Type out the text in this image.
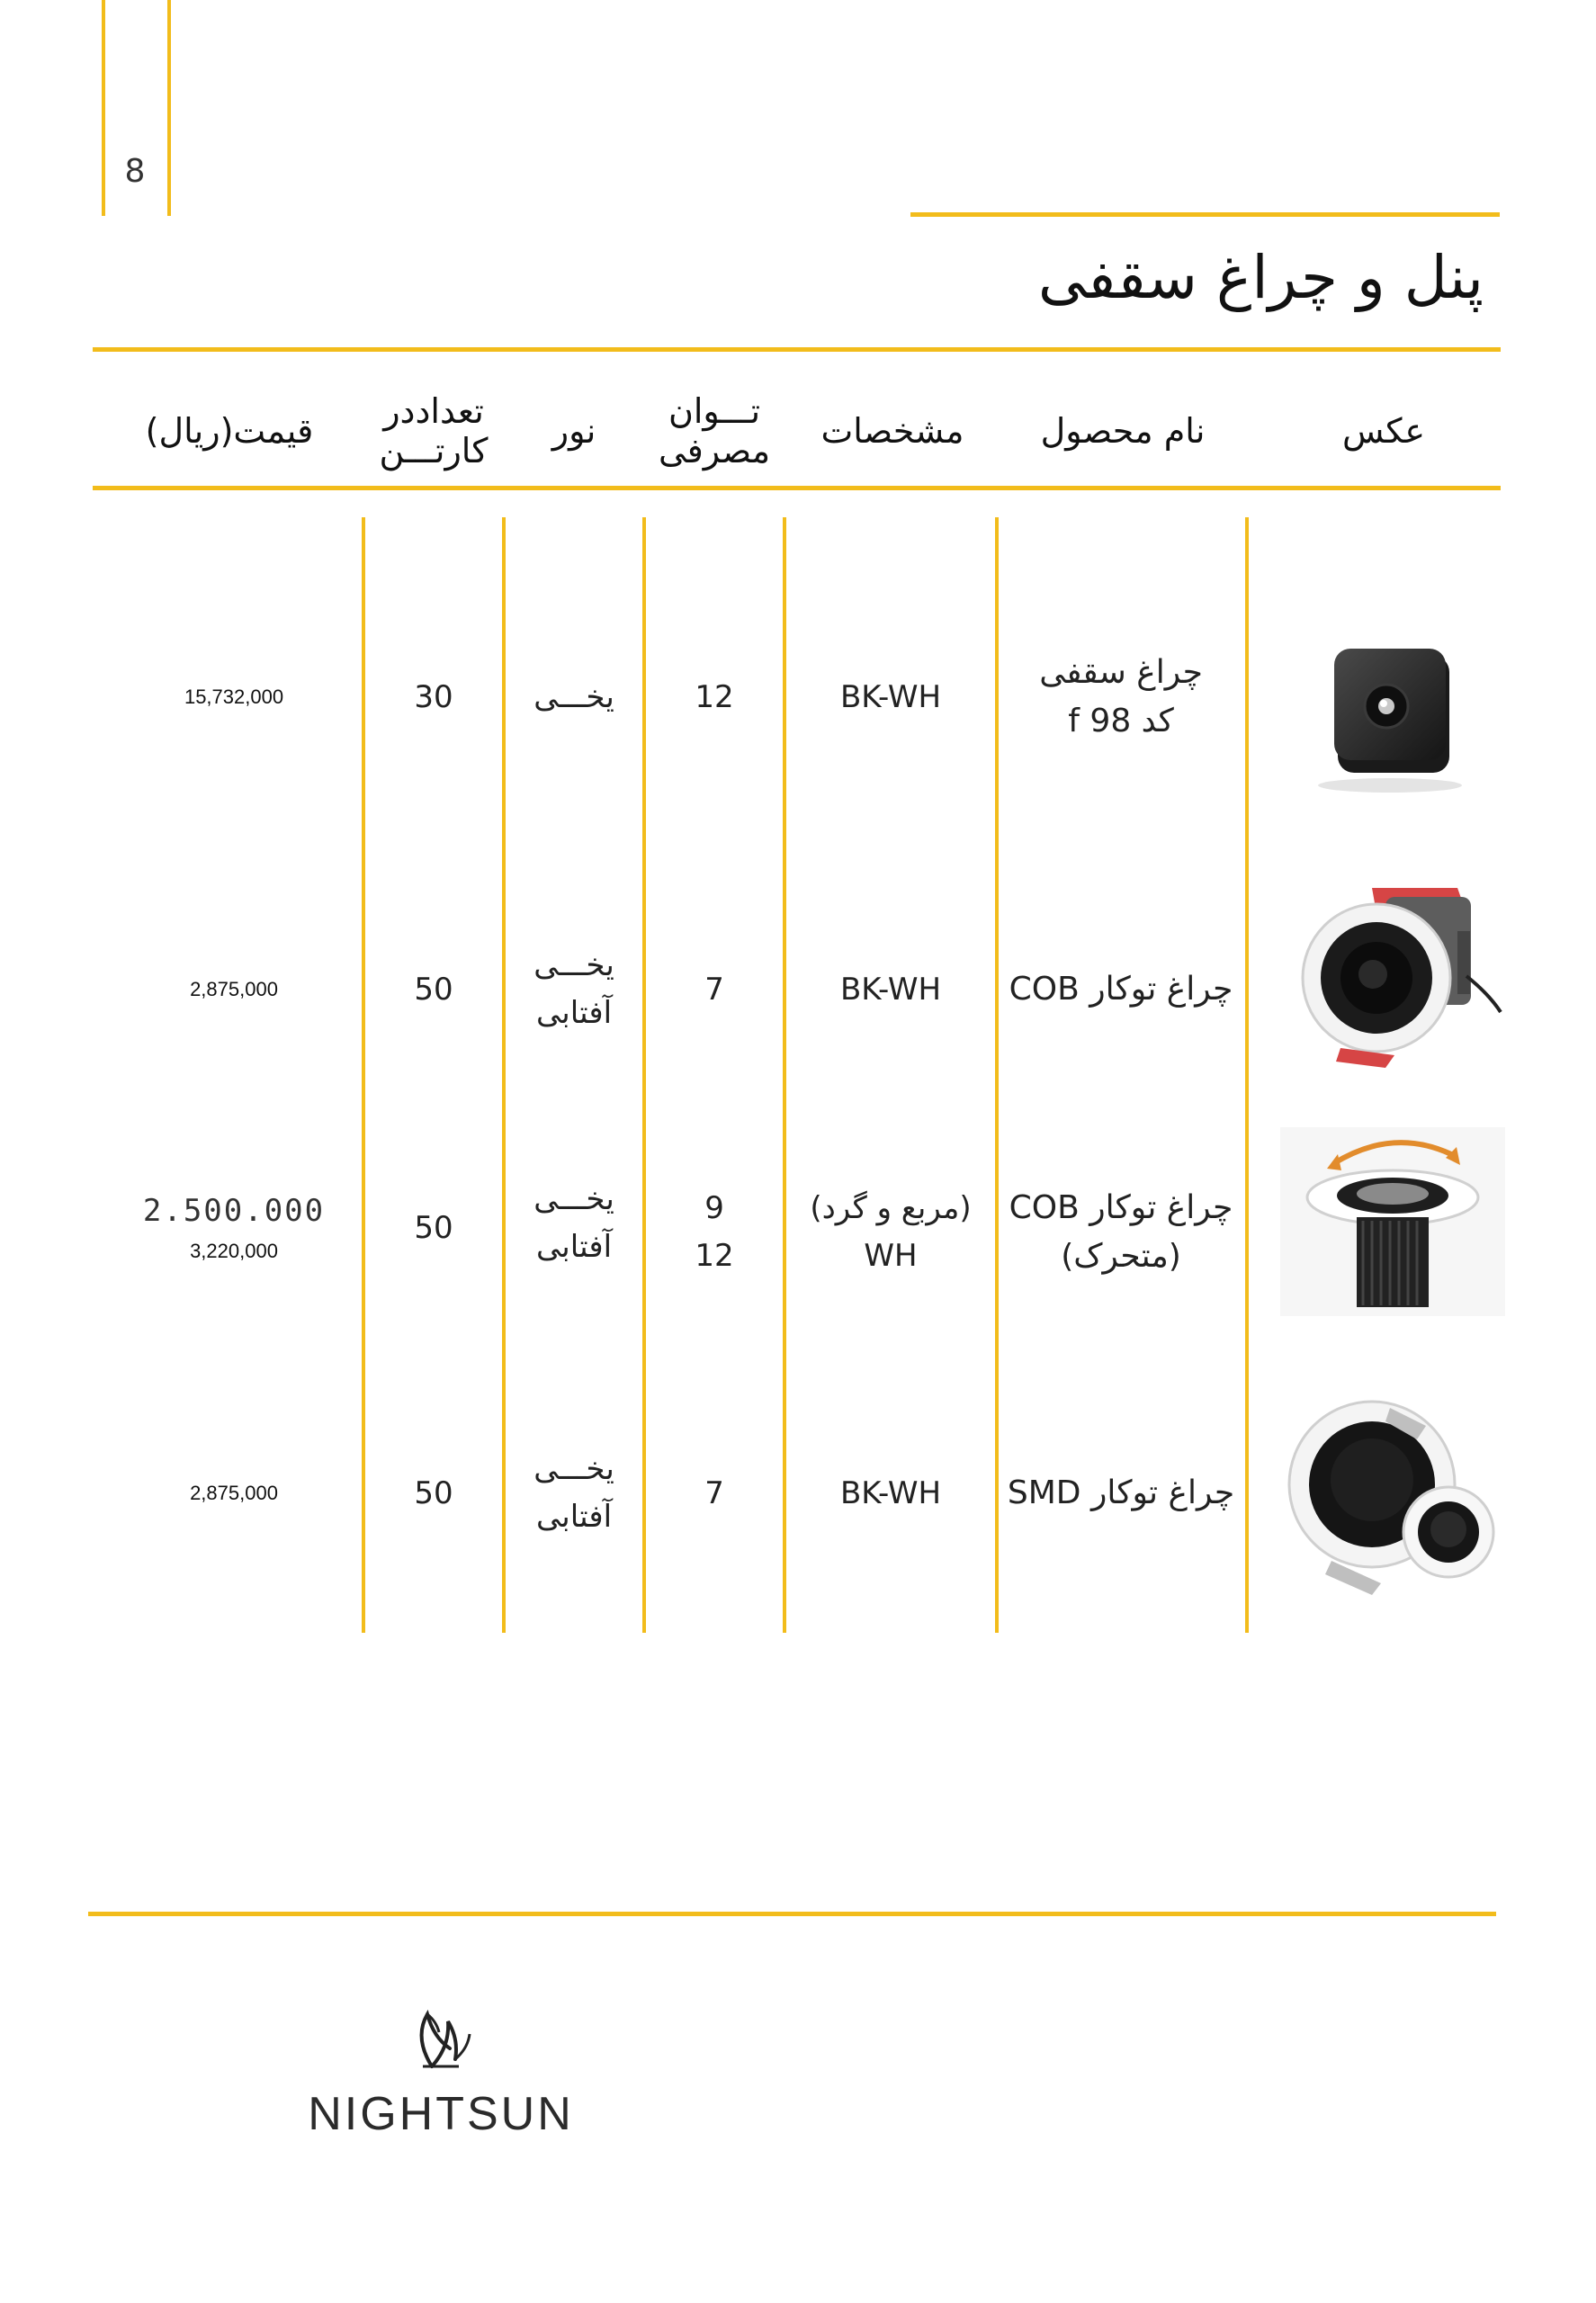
8
پنل و چراغ سقفی
عکس
نام محصول
مشخصات
تـــوان
مصرفی
نور
تعدادد‌ر
کارتـــن
قیمت(ریال)
چراغ سقفی
کد 98 f
BK-WH
12
یخـــی
30
15,732,000
چراغ توکار COB
BK-WH
7
یخـــی
آفتابی
50
2,875,000
چراغ توکار COB
(متحرک)
(مربع و گرد)
WH
9
12
یخـــی
آفتابی
50
2.500.000
3,220,000
چراغ توکار SMD
BK-WH
7
یخـــی
آفتابی
50
2,875,000
NIGHTSUN
